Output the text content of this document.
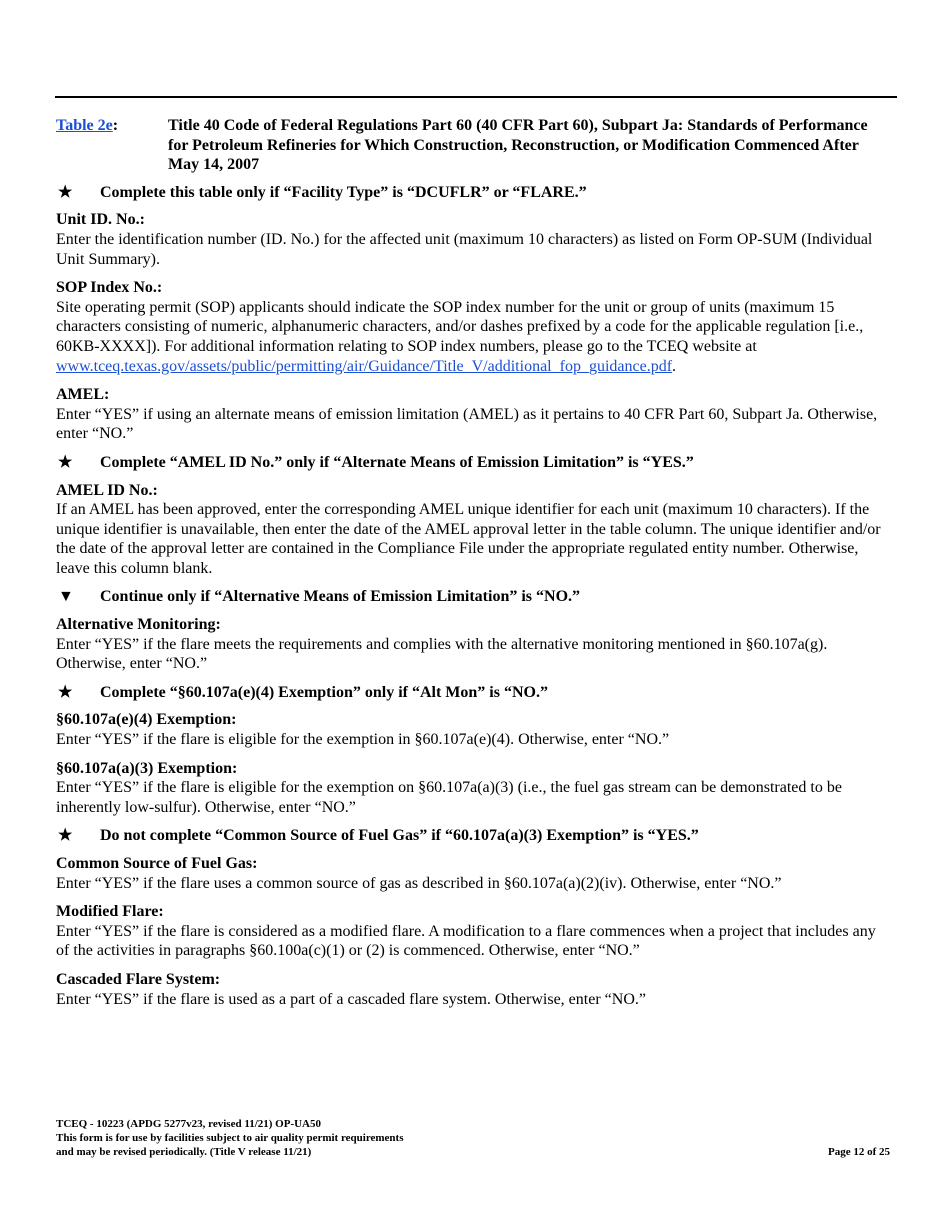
Table 2e:	Title 40 Code of Federal Regulations Part 60 (40 CFR Part 60), Subpart Ja: Standards of Performance for Petroleum Refineries for Which Construction, Reconstruction, or Modification Commenced After May 14, 2007
★	Complete this table only if “Facility Type” is “DCUFLR” or “FLARE.”
Unit ID. No.:
Enter the identification number (ID. No.) for the affected unit (maximum 10 characters) as listed on Form OP-SUM (Individual Unit Summary).
SOP Index No.:
Site operating permit (SOP) applicants should indicate the SOP index number for the unit or group of units (maximum 15 characters consisting of numeric, alphanumeric characters, and/or dashes prefixed by a code for the applicable regulation [i.e., 60KB-XXXX]). For additional information relating to SOP index numbers, please go to the TCEQ website at www.tceq.texas.gov/assets/public/permitting/air/Guidance/Title_V/additional_fop_guidance.pdf.
AMEL:
Enter “YES” if using an alternate means of emission limitation (AMEL) as it pertains to 40 CFR Part 60, Subpart Ja. Otherwise, enter “NO.”
★	Complete “AMEL ID No.” only if “Alternate Means of Emission Limitation” is “YES.”
AMEL ID No.:
If an AMEL has been approved, enter the corresponding AMEL unique identifier for each unit (maximum 10 characters). If the unique identifier is unavailable, then enter the date of the AMEL approval letter in the table column. The unique identifier and/or the date of the approval letter are contained in the Compliance File under the appropriate regulated entity number. Otherwise, leave this column blank.
▼	Continue only if “Alternative Means of Emission Limitation” is “NO.”
Alternative Monitoring:
Enter “YES” if the flare meets the requirements and complies with the alternative monitoring mentioned in §60.107a(g). Otherwise, enter “NO.”
★	Complete “§60.107a(e)(4) Exemption” only if “Alt Mon” is “NO.”
§60.107a(e)(4) Exemption:
Enter “YES” if the flare is eligible for the exemption in §60.107a(e)(4). Otherwise, enter “NO.”
§60.107a(a)(3) Exemption:
Enter “YES” if the flare is eligible for the exemption on §60.107a(a)(3) (i.e., the fuel gas stream can be demonstrated to be inherently low-sulfur). Otherwise, enter “NO.”
★	Do not complete “Common Source of Fuel Gas” if “60.107a(a)(3) Exemption” is “YES.”
Common Source of Fuel Gas:
Enter “YES” if the flare uses a common source of gas as described in §60.107a(a)(2)(iv). Otherwise, enter “NO.”
Modified Flare:
Enter “YES” if the flare is considered as a modified flare. A modification to a flare commences when a project that includes any of the activities in paragraphs §60.100a(c)(1) or (2) is commenced. Otherwise, enter “NO.”
Cascaded Flare System:
Enter “YES” if the flare is used as a part of a cascaded flare system. Otherwise, enter “NO.”
TCEQ - 10223 (APDG 5277v23, revised 11/21) OP-UA50
This form is for use by facilities subject to air quality permit requirements
and may be revised periodically. (Title V release 11/21)	Page 12 of 25
